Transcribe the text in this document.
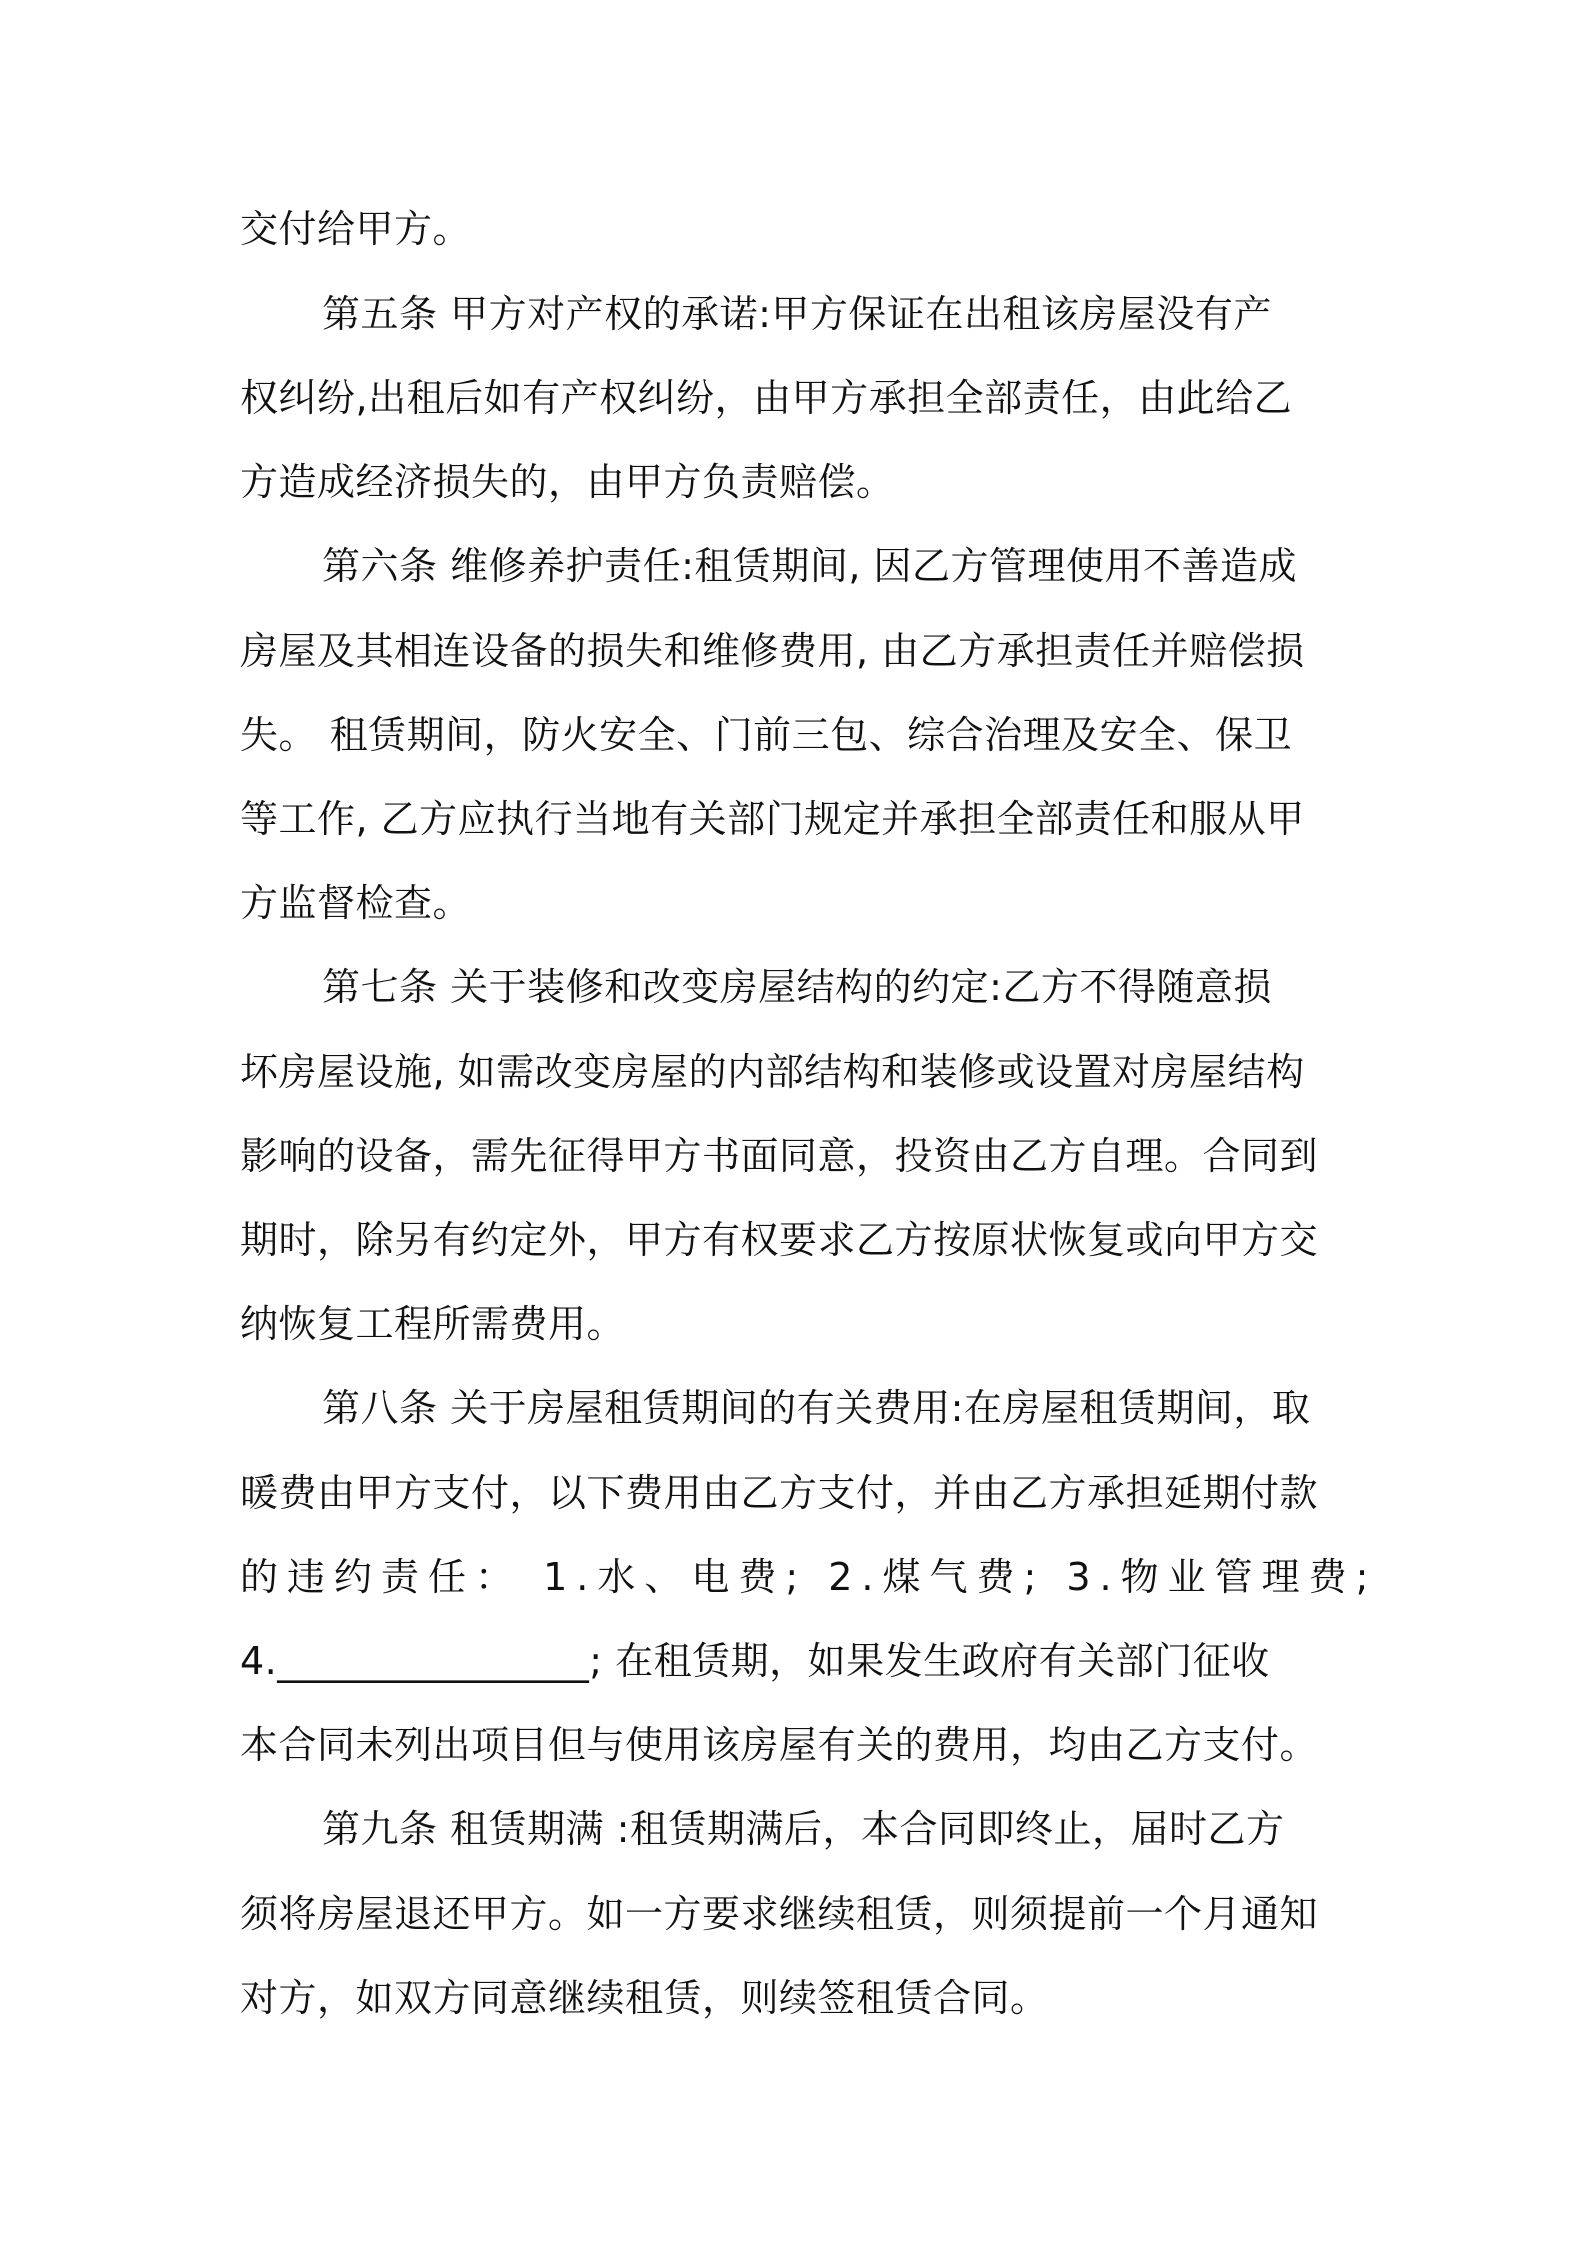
交付给甲方。
第五条 甲方对产权的承诺:甲方保证在出租该房屋没有产
权纠纷,出租后如有产权纠纷，由甲方承担全部责任，由此给乙
方造成经济损失的，由甲方负责赔偿。
第六条 维修养护责任:租赁期间, 因乙方管理使用不善造成
房屋及其相连设备的损失和维修费用, 由乙方承担责任并赔偿损
失。 租赁期间，防火安全、门前三包、综合治理及安全、保卫
等工作, 乙方应执行当地有关部门规定并承担全部责任和服从甲
方监督检查。
第七条 关于装修和改变房屋结构的约定:乙方不得随意损
坏房屋设施, 如需改变房屋的内部结构和装修或设置对房屋结构
影响的设备，需先征得甲方书面同意，投资由乙方自理。合同到
期时，除另有约定外，甲方有权要求乙方按原状恢复或向甲方交
纳恢复工程所需费用。
第八条 关于房屋租赁期间的有关费用:在房屋租赁期间，取
暖费由甲方支付，以下费用由乙方支付，并由乙方承担延期付款
的违约责任： 1.水、电费; 2.煤气费; 3.物业管理费;
4.________________; 在租赁期，如果发生政府有关部门征收
本合同未列出项目但与使用该房屋有关的费用，均由乙方支付。
第九条 租赁期满 :租赁期满后，本合同即终止，届时乙方
须将房屋退还甲方。如一方要求继续租赁，则须提前一个月通知
对方，如双方同意继续租赁，则续签租赁合同。
